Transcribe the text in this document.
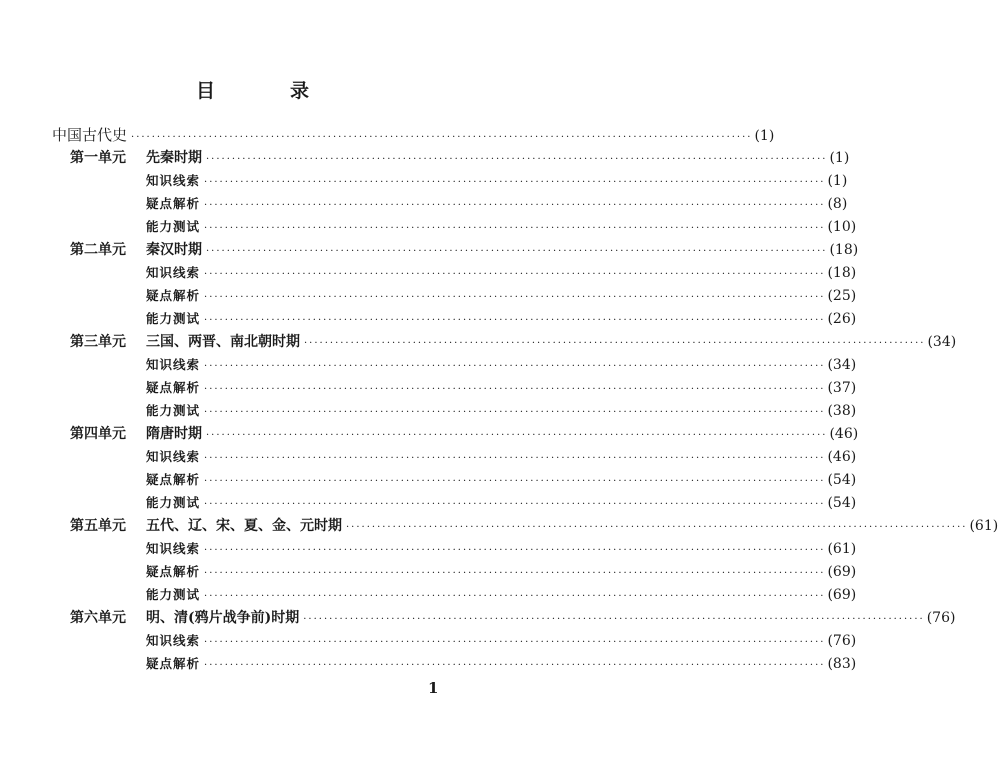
目　录
中国古代史 ························································································································ (1)
第一单元	先秦时期 ························································································································ (1)
知识线索 ························································································································ (1)
疑点解析 ························································································································ (8)
能力测试 ························································································································ (10)
第二单元	秦汉时期 ························································································································ (18)
知识线索 ························································································································ (18)
疑点解析 ························································································································ (25)
能力测试 ························································································································ (26)
第三单元	三国、两晋、南北朝时期 ························································································································ (34)
知识线索 ························································································································ (34)
疑点解析 ························································································································ (37)
能力测试 ························································································································ (38)
第四单元	隋唐时期 ························································································································ (46)
知识线索 ························································································································ (46)
疑点解析 ························································································································ (54)
能力测试 ························································································································ (54)
第五单元	五代、辽、宋、夏、金、元时期 ························································································································ (61)
知识线索 ························································································································ (61)
疑点解析 ························································································································ (69)
能力测试 ························································································································ (69)
第六单元	明、清(鸦片战争前)时期 ························································································································ (76)
知识线索 ························································································································ (76)
疑点解析 ························································································································ (83)
1
